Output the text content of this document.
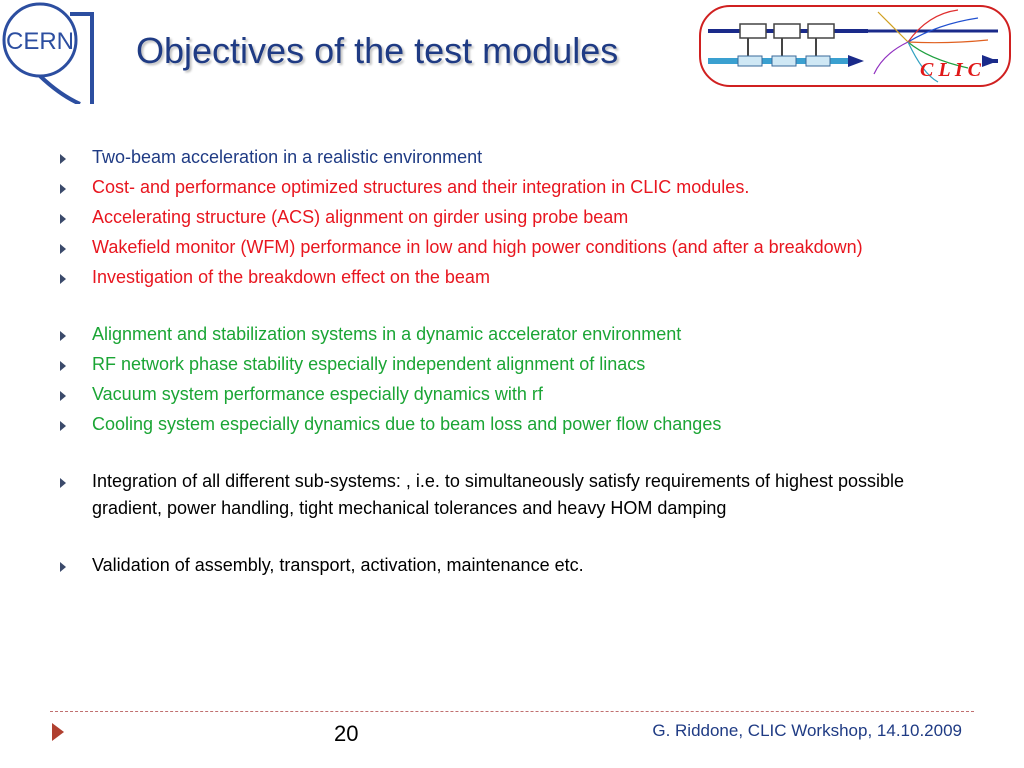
CERN Objectives of the test modules	C L I C
Two-beam acceleration in a realistic environment
Cost- and performance optimized structures and their integration in CLIC modules.
Accelerating structure (ACS) alignment on girder using probe beam
Wakefield monitor (WFM) performance in low and high power conditions (and after a breakdown)
Investigation of the breakdown effect on the beam
Alignment and stabilization systems in a dynamic accelerator environment
RF network phase stability especially independent alignment of linacs
Vacuum system performance especially dynamics with rf
Cooling system especially dynamics due to beam loss and power flow changes
Integration of all different sub-systems: , i.e. to simultaneously satisfy requirements of highest possible gradient, power handling, tight mechanical tolerances and heavy HOM damping
Validation of assembly, transport, activation, maintenance etc.
20	G. Riddone, CLIC Workshop, 14.10.2009
